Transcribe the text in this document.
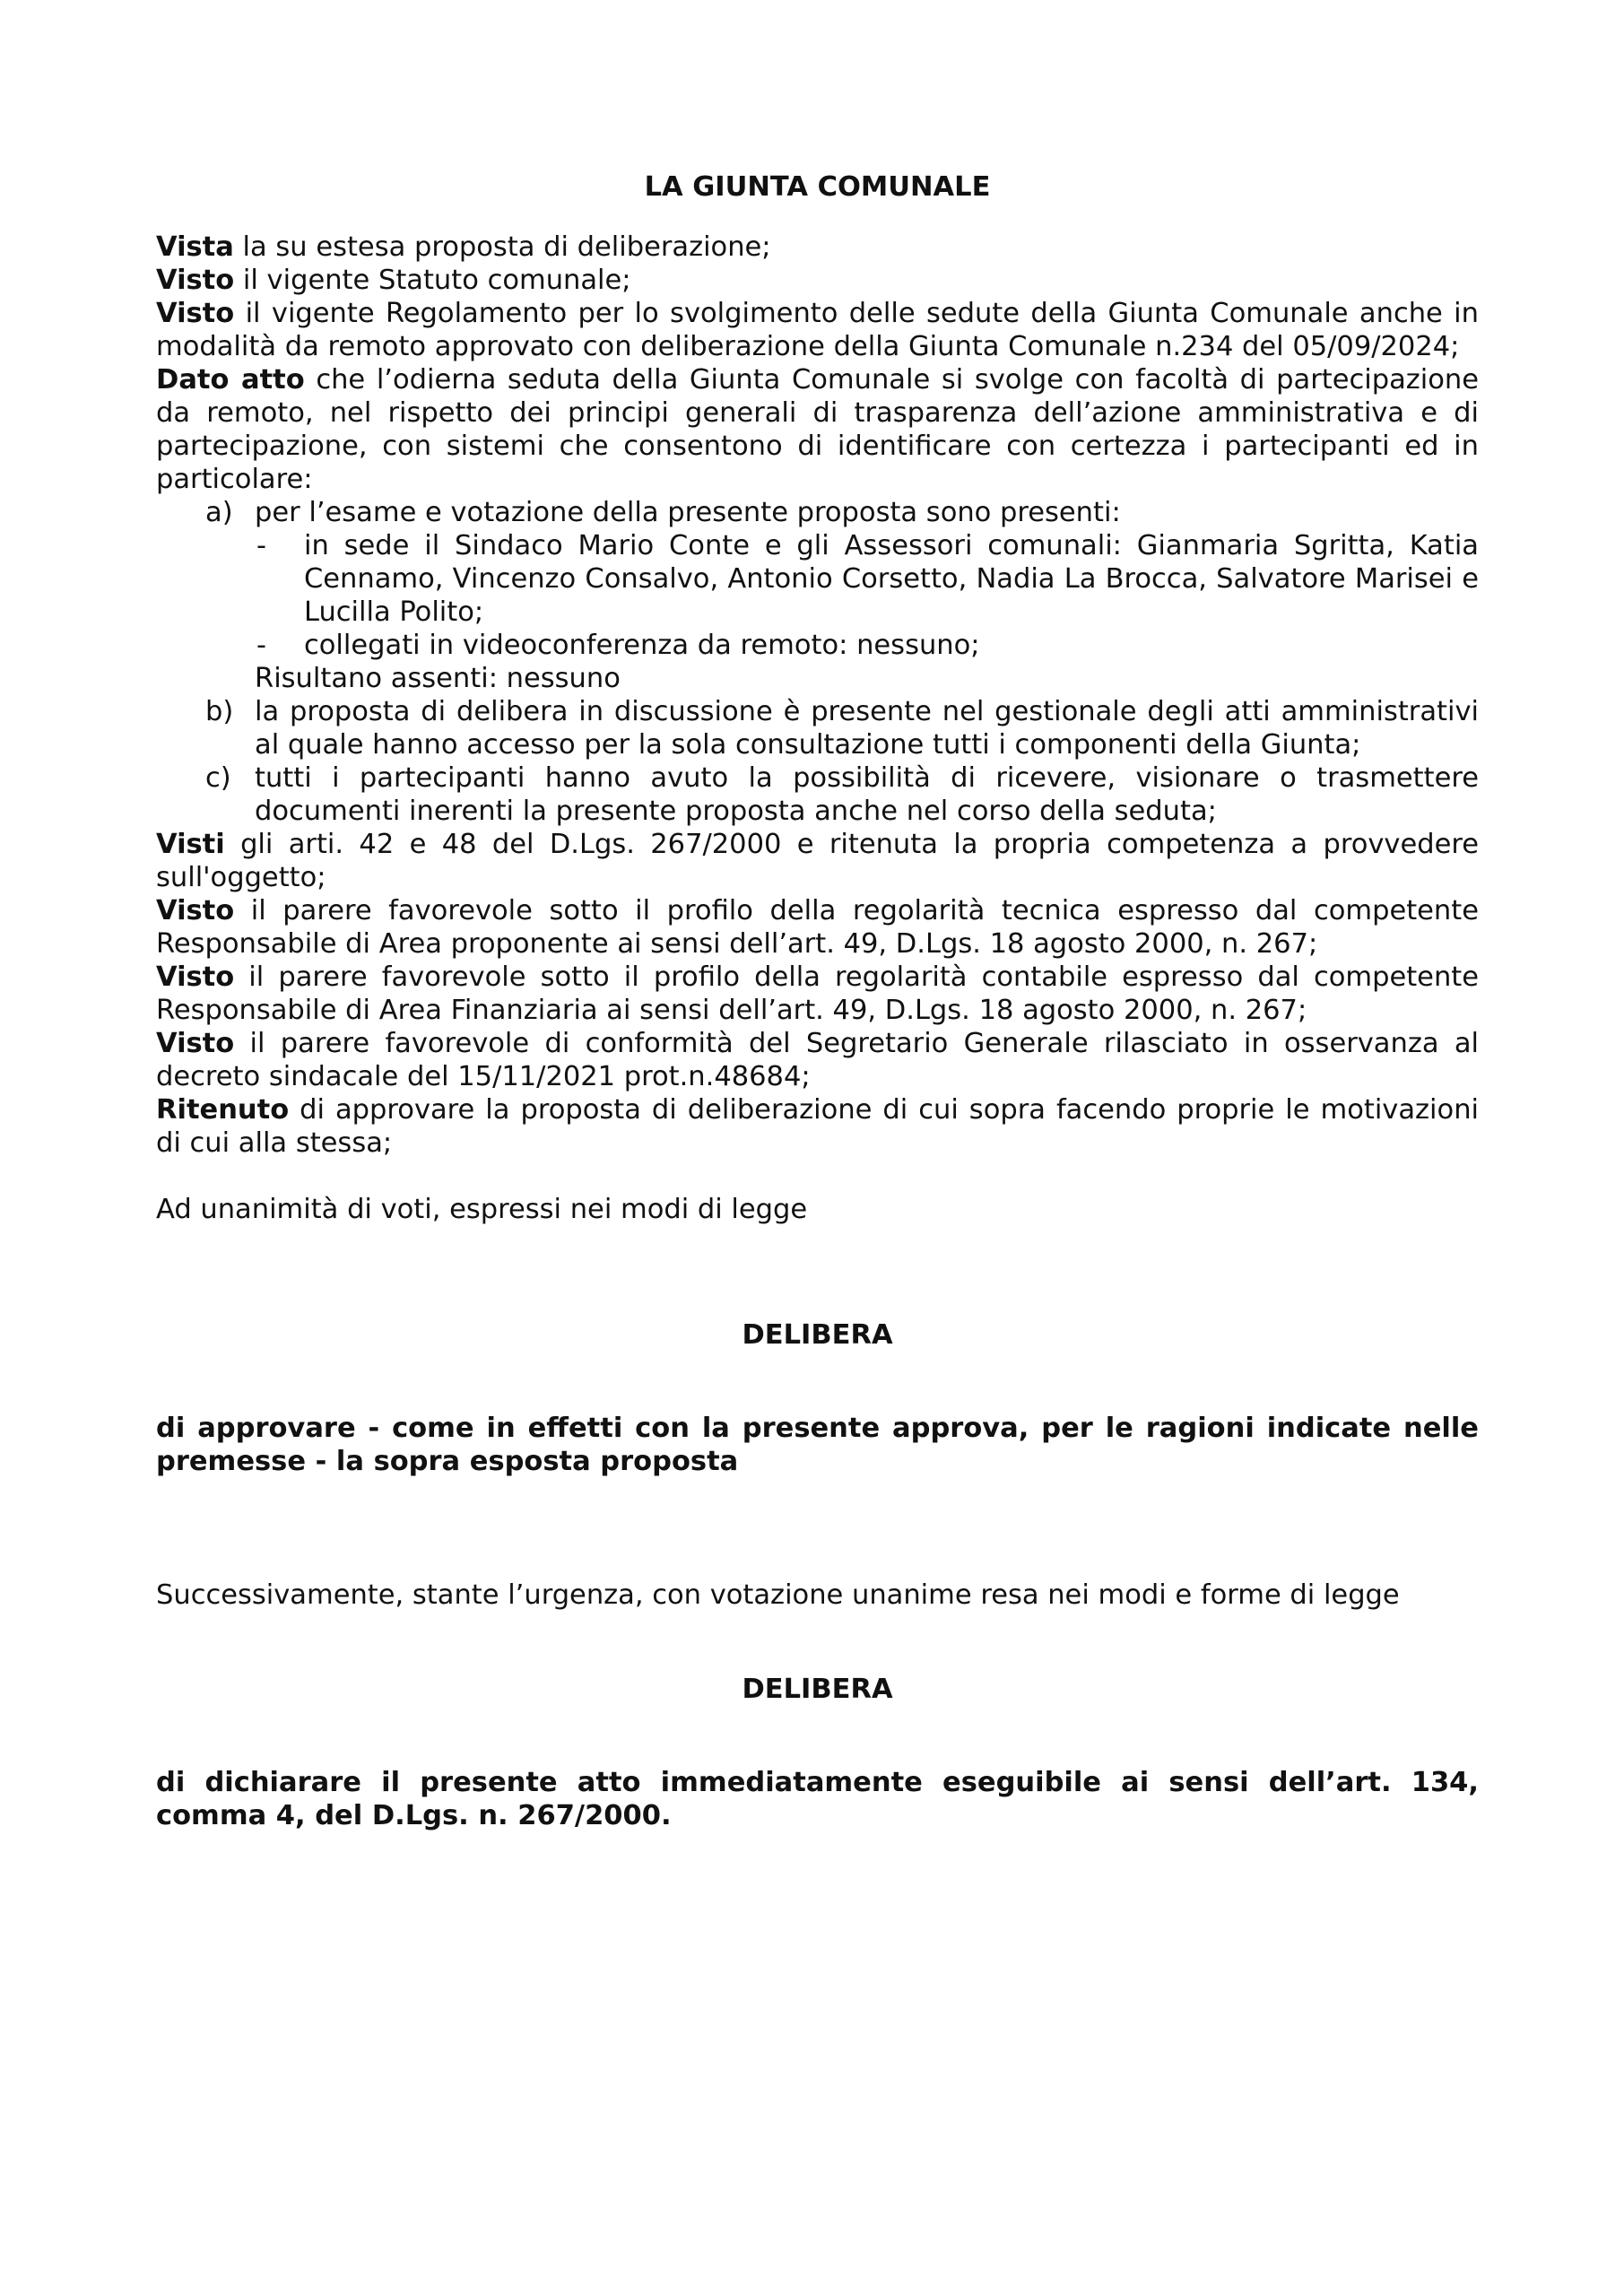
LA GIUNTA COMUNALE

Vista la su estesa proposta di deliberazione;

Visto il vigente Statuto comunale;

Visto il vigente Regolamento per lo svolgimento delle sedute della Giunta Comunale anche in modalità da remoto approvato con deliberazione della Giunta Comunale n.234 del 05/09/2024;

Dato atto che l’odierna seduta della Giunta Comunale si svolge con facoltà di partecipazione da remoto, nel rispetto dei principi generali di trasparenza dell’azione amministrativa e di partecipazione, con sistemi che consentono di identificare con certezza i partecipanti ed in particolare:

a) per l’esame e votazione della presente proposta sono presenti:

- in sede il Sindaco Mario Conte e gli Assessori comunali: Gianmaria Sgritta, Katia Cennamo, Vincenzo Consalvo, Antonio Corsetto, Nadia La Brocca, Salvatore Marisei e Lucilla Polito;

- collegati in videoconferenza da remoto: nessuno;

Risultano assenti: nessuno

b) la proposta di delibera in discussione è presente nel gestionale degli atti amministrativi al quale hanno accesso per la sola consultazione tutti i componenti della Giunta;

c) tutti i partecipanti hanno avuto la possibilità di ricevere, visionare o trasmettere documenti inerenti la presente proposta anche nel corso della seduta;

Visti gli arti. 42 e 48 del D.Lgs. 267/2000 e ritenuta la propria competenza a provvedere sull'oggetto;

Visto il parere favorevole sotto il profilo della regolarità tecnica espresso dal competente Responsabile di Area proponente ai sensi dell’art. 49, D.Lgs. 18 agosto 2000, n. 267;

Visto il parere favorevole sotto il profilo della regolarità contabile espresso dal competente Responsabile di Area Finanziaria ai sensi dell’art. 49, D.Lgs. 18 agosto 2000, n. 267;

Visto il parere favorevole di conformità del Segretario Generale rilasciato in osservanza al decreto sindacale del 15/11/2021 prot.n.48684;

Ritenuto di approvare la proposta di deliberazione di cui sopra facendo proprie le motivazioni di cui alla stessa;

Ad unanimità di voti, espressi nei modi di legge

DELIBERA

di approvare - come in effetti con la presente approva, per le ragioni indicate nelle premesse - la sopra esposta proposta

Successivamente, stante l’urgenza, con votazione unanime resa nei modi e forme di legge

DELIBERA

di dichiarare il presente atto immediatamente eseguibile ai sensi dell’art. 134, comma 4, del D.Lgs. n. 267/2000.
